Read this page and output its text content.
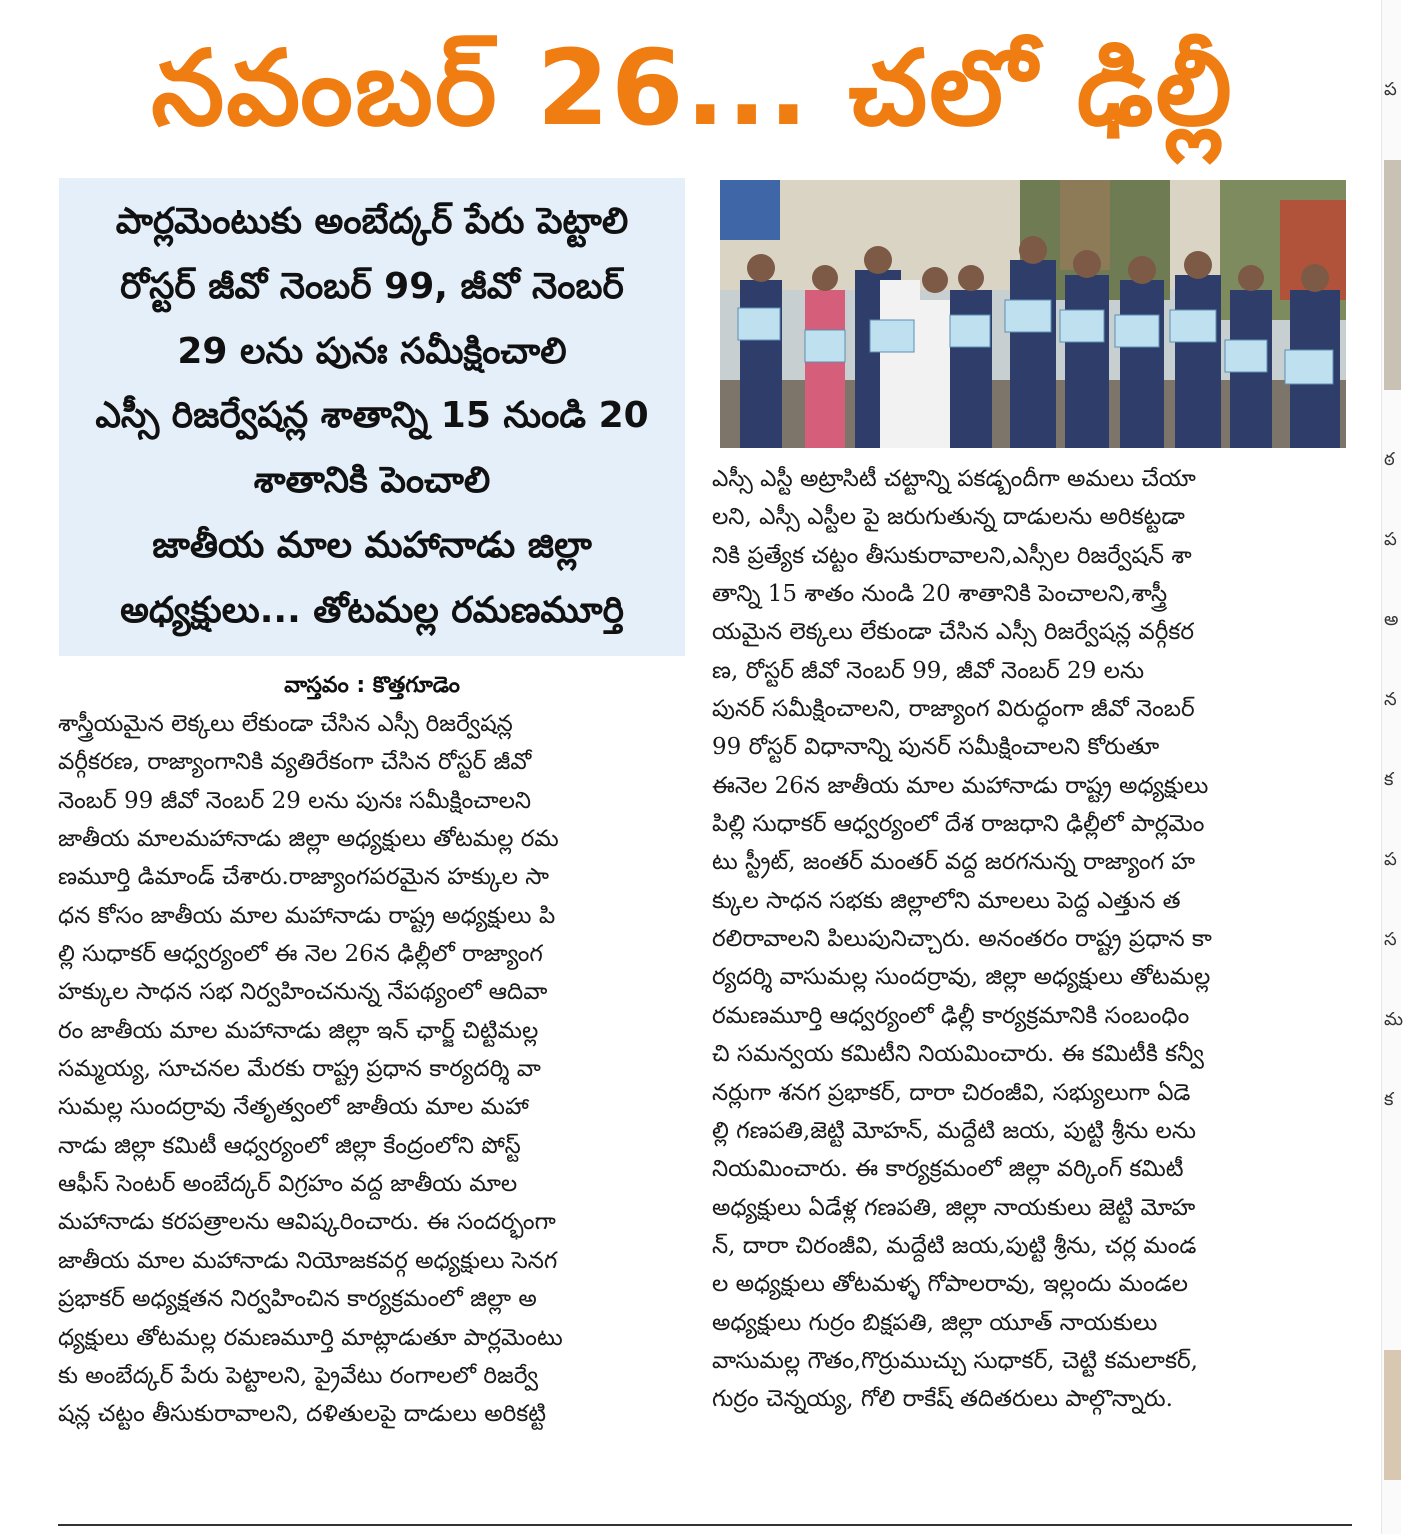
నవంబర్ 26... చలో ఢిల్లీ
పార్లమెంటుకు అంబేద్కర్ పేరు పెట్టాలి
రోస్టర్ జీవో నెంబర్ 99, జీవో నెంబర్
29 లను పునః సమీక్షించాలి
ఎస్సీ రిజర్వేషన్ల శాతాన్ని 15 నుండి 20
శాతానికి పెంచాలి
జాతీయ మాల మహానాడు జిల్లా
అధ్యక్షులు... తోటమల్ల రమణమూర్తి
వాస్తవం : కొత్తగూడెం
శాస్త్రీయమైన లెక్కలు లేకుండా చేసిన ఎస్సీ రిజర్వేషన్ల
వర్గీకరణ, రాజ్యాంగానికి వ్యతిరేకంగా చేసిన రోస్టర్ జీవో
నెంబర్ 99 జీవో నెంబర్ 29 లను పునః సమీక్షించాలని
జాతీయ మాలమహానాడు జిల్లా అధ్యక్షులు తోటమల్ల రమ
ణమూర్తి డిమాండ్ చేశారు.రాజ్యాంగపరమైన హక్కుల సా
ధన కోసం జాతీయ మాల మహానాడు రాష్ట్ర అధ్యక్షులు పి
ల్లి సుధాకర్ ఆధ్వర్యంలో ఈ నెల 26న ఢిల్లీలో రాజ్యాంగ
హక్కుల సాధన సభ నిర్వహించనున్న నేపథ్యంలో ఆదివా
రం జాతీయ మాల మహానాడు జిల్లా ఇన్ ఛార్జ్ చిట్టిమల్ల
సమ్మయ్య, సూచనల మేరకు రాష్ట్ర ప్రధాన కార్యదర్శి వా
సుమల్ల సుందర్రావు నేతృత్వంలో జాతీయ మాల మహా
నాడు జిల్లా కమిటీ ఆధ్వర్యంలో జిల్లా కేంద్రంలోని పోస్ట్
ఆఫీస్ సెంటర్ అంబేద్కర్ విగ్రహం వద్ద జాతీయ మాల
మహానాడు కరపత్రాలను ఆవిష్కరించారు. ఈ సందర్భంగా
జాతీయ మాల మహానాడు నియోజకవర్గ అధ్యక్షులు సెనగ
ప్రభాకర్ అధ్యక్షతన నిర్వహించిన కార్యక్రమంలో జిల్లా అ
ధ్యక్షులు తోటమల్ల రమణమూర్తి మాట్లాడుతూ పార్లమెంటు
కు అంబేద్కర్ పేరు పెట్టాలని, ప్రైవేటు రంగాలలో రిజర్వే
షన్ల చట్టం తీసుకురావాలని, దళితులపై దాడులు అరికట్టి
ఎస్సీ ఎస్టీ అట్రాసిటీ చట్టాన్ని పకడ్బందీగా అమలు చేయా
లని, ఎస్సీ ఎస్టీల పై జరుగుతున్న దాడులను అరికట్టడా
నికి ప్రత్యేక చట్టం తీసుకురావాలని,ఎస్సీల రిజర్వేషన్ శా
తాన్ని 15 శాతం నుండి 20 శాతానికి పెంచాలని,శాస్త్రీ
యమైన లెక్కలు లేకుండా చేసిన ఎస్సీ రిజర్వేషన్ల వర్గీకర
ణ, రోస్టర్ జీవో నెంబర్ 99, జీవో నెంబర్ 29 లను
పునర్ సమీక్షించాలని, రాజ్యాంగ విరుద్ధంగా జీవో నెంబర్
99 రోస్టర్ విధానాన్ని పునర్ సమీక్షించాలని కోరుతూ
ఈనెల 26న జాతీయ మాల మహానాడు రాష్ట్ర అధ్యక్షులు
పిల్లి సుధాకర్ ఆధ్వర్యంలో దేశ రాజధాని ఢిల్లీలో పార్లమెం
టు స్ట్రీట్, జంతర్ మంతర్ వద్ద జరగనున్న రాజ్యాంగ హ
క్కుల సాధన సభకు జిల్లాలోని మాలలు పెద్ద ఎత్తున త
రలిరావాలని పిలుపునిచ్చారు. అనంతరం రాష్ట్ర ప్రధాన కా
ర్యదర్శి వాసుమల్ల సుందర్రావు, జిల్లా అధ్యక్షులు తోటమల్ల
రమణమూర్తి ఆధ్వర్యంలో ఢిల్లీ కార్యక్రమానికి సంబంధిం
చి సమన్వయ కమిటీని నియమించారు. ఈ కమిటీకి కన్వీ
నర్లుగా శనగ ప్రభాకర్, దారా చిరంజీవి, సభ్యులుగా ఏడె
ల్లి గణపతి,జెట్టి మోహన్, మద్దేటి జయ, పుట్టి శ్రీను లను
నియమించారు. ఈ కార్యక్రమంలో జిల్లా వర్కింగ్ కమిటీ
అధ్యక్షులు ఏడేళ్ల గణపతి, జిల్లా నాయకులు జెట్టి మోహ
న్, దారా చిరంజీవి, మద్దేటి జయ,పుట్టి శ్రీను, చర్ల మండ
ల అధ్యక్షులు తోటమళ్ళ గోపాలరావు, ఇల్లందు మండల
అధ్యక్షులు గుర్రం బిక్షపతి, జిల్లా యూత్ నాయకులు
వాసుమల్ల గౌతం,గొర్రుముచ్చు సుధాకర్, చెట్టి కమలాకర్,
గుర్రం చెన్నయ్య, గోలి రాకేష్ తదితరులు పాల్గొన్నారు.
ప
ఠ
ప
అ
న
క
ప
స
మ
క
